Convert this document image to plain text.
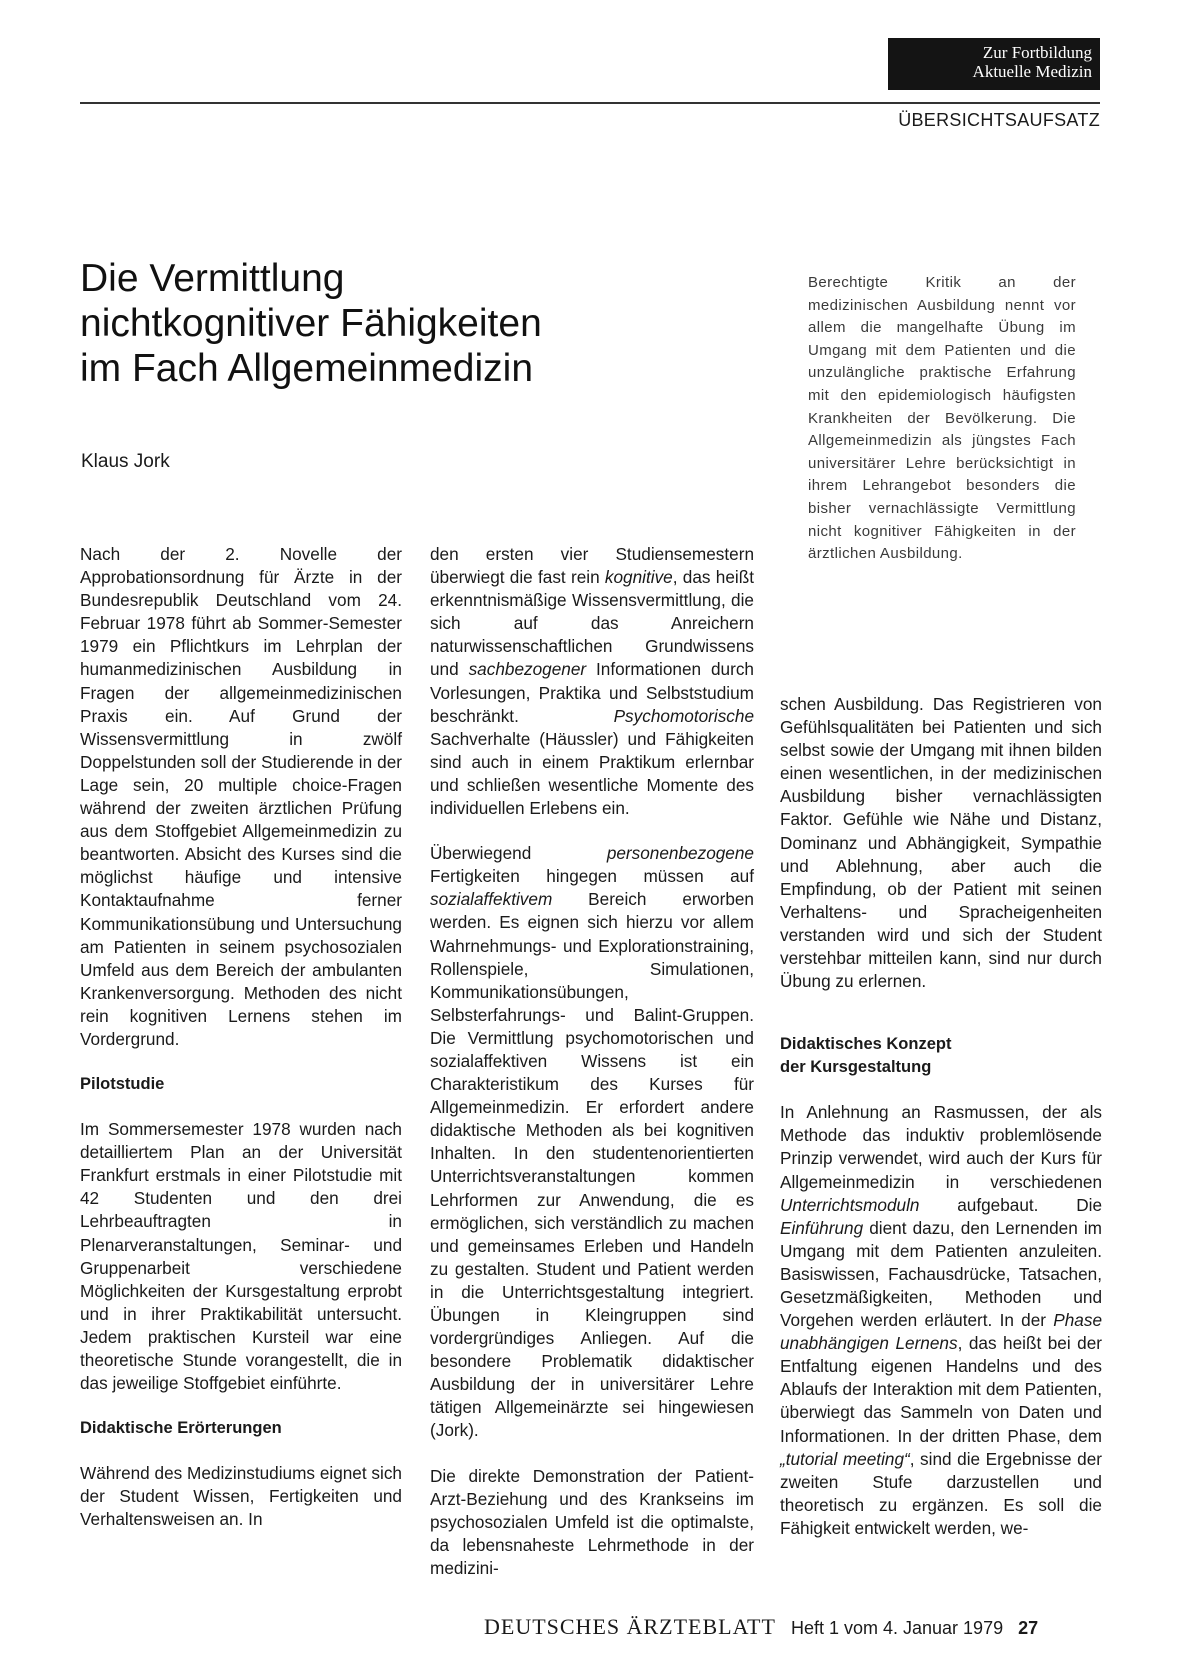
Zur Fortbildung
Aktuelle Medizin
ÜBERSICHTSAUFSATZ
Die Vermittlung
nichtkognitiver Fähigkeiten
im Fach Allgemeinmedizin
Klaus Jork
Berechtigte Kritik an der medizinischen Ausbildung nennt vor allem die mangelhafte Übung im Umgang mit dem Patienten und die unzulängliche praktische Erfahrung mit den epidemiologisch häufigsten Krankheiten der Bevölkerung. Die Allgemeinmedizin als jüngstes Fach universitärer Lehre berücksichtigt in ihrem Lehrangebot besonders die bisher vernachlässigte Vermittlung nicht kognitiver Fähigkeiten in der ärztlichen Ausbildung.

Nach der 2. Novelle der Approbationsordnung für Ärzte in der Bundesrepublik Deutschland vom 24. Februar 1978 führt ab Sommer-Semester 1979 ein Pflichtkurs im Lehrplan der humanmedizinischen Ausbildung in Fragen der allgemeinmedizinischen Praxis ein. Auf Grund der Wissensvermittlung in zwölf Doppelstunden soll der Studierende in der Lage sein, 20 multiple choice-Fragen während der zweiten ärztlichen Prüfung aus dem Stoffgebiet Allgemeinmedizin zu beantworten. Absicht des Kurses sind die möglichst häufige und intensive Kontaktaufnahme ferner Kommunikationsübung und Untersuchung am Patienten in seinem psychosozialen Umfeld aus dem Bereich der ambulanten Krankenversorgung. Methoden des nicht rein kognitiven Lernens stehen im Vordergrund.

Pilotstudie

Im Sommersemester 1978 wurden nach detailliertem Plan an der Universität Frankfurt erstmals in einer Pilotstudie mit 42 Studenten und den drei Lehrbeauftragten in Plenarveranstaltungen, Seminar- und Gruppenarbeit verschiedene Möglichkeiten der Kursgestaltung erprobt und in ihrer Praktikabilität untersucht. Jedem praktischen Kursteil war eine theoretische Stunde vorangestellt, die in das jeweilige Stoffgebiet einführte.

Didaktische Erörterungen

Während des Medizinstudiums eignet sich der Student Wissen, Fertigkeiten und Verhaltensweisen an. In

den ersten vier Studiensemestern überwiegt die fast rein kognitive, das heißt erkenntnismäßige Wissensvermittlung, die sich auf das Anreichern naturwissenschaftlichen Grundwissens und sachbezogener Informationen durch Vorlesungen, Praktika und Selbststudium beschränkt. Psychomotorische Sachverhalte (Häussler) und Fähigkeiten sind auch in einem Praktikum erlernbar und schließen wesentliche Momente des individuellen Erlebens ein.

Überwiegend personenbezogene Fertigkeiten hingegen müssen auf sozialaffektivem Bereich erworben werden. Es eignen sich hierzu vor allem Wahrnehmungs- und Explorationstraining, Rollenspiele, Simulationen, Kommunikationsübungen, Selbsterfahrungs- und Balint-Gruppen. Die Vermittlung psychomotorischen und sozialaffektiven Wissens ist ein Charakteristikum des Kurses für Allgemeinmedizin. Er erfordert andere didaktische Methoden als bei kognitiven Inhalten. In den studentenorientierten Unterrichtsveranstaltungen kommen Lehrformen zur Anwendung, die es ermöglichen, sich verständlich zu machen und gemeinsames Erleben und Handeln zu gestalten. Student und Patient werden in die Unterrichtsgestaltung integriert. Übungen in Kleingruppen sind vordergründiges Anliegen. Auf die besondere Problematik didaktischer Ausbildung der in universitärer Lehre tätigen Allgemeinärzte sei hingewiesen (Jork).

Die direkte Demonstration der Patient-Arzt-Beziehung und des Krankseins im psychosozialen Umfeld ist die optimalste, da lebensnaheste Lehrmethode in der medizini-

schen Ausbildung. Das Registrieren von Gefühlsqualitäten bei Patienten und sich selbst sowie der Umgang mit ihnen bilden einen wesentlichen, in der medizinischen Ausbildung bisher vernachlässigten Faktor. Gefühle wie Nähe und Distanz, Dominanz und Abhängigkeit, Sympathie und Ablehnung, aber auch die Empfindung, ob der Patient mit seinen Verhaltens- und Spracheigenheiten verstanden wird und sich der Student verstehbar mitteilen kann, sind nur durch Übung zu erlernen.

Didaktisches Konzept
der Kursgestaltung

In Anlehnung an Rasmussen, der als Methode das induktiv problemlösende Prinzip verwendet, wird auch der Kurs für Allgemeinmedizin in verschiedenen Unterrichtsmoduln aufgebaut. Die Einführung dient dazu, den Lernenden im Umgang mit dem Patienten anzuleiten. Basiswissen, Fachausdrücke, Tatsachen, Gesetzmäßigkeiten, Methoden und Vorgehen werden erläutert. In der Phase unabhängigen Lernens, das heißt bei der Entfaltung eigenen Handelns und des Ablaufs der Interaktion mit dem Patienten, überwiegt das Sammeln von Daten und Informationen. In der dritten Phase, dem „tutorial meeting“, sind die Ergebnisse der zweiten Stufe darzustellen und theoretisch zu ergänzen. Es soll die Fähigkeit entwickelt werden, we-

DEUTSCHES ÄRZTEBLATT Heft 1 vom 4. Januar 1979 27
